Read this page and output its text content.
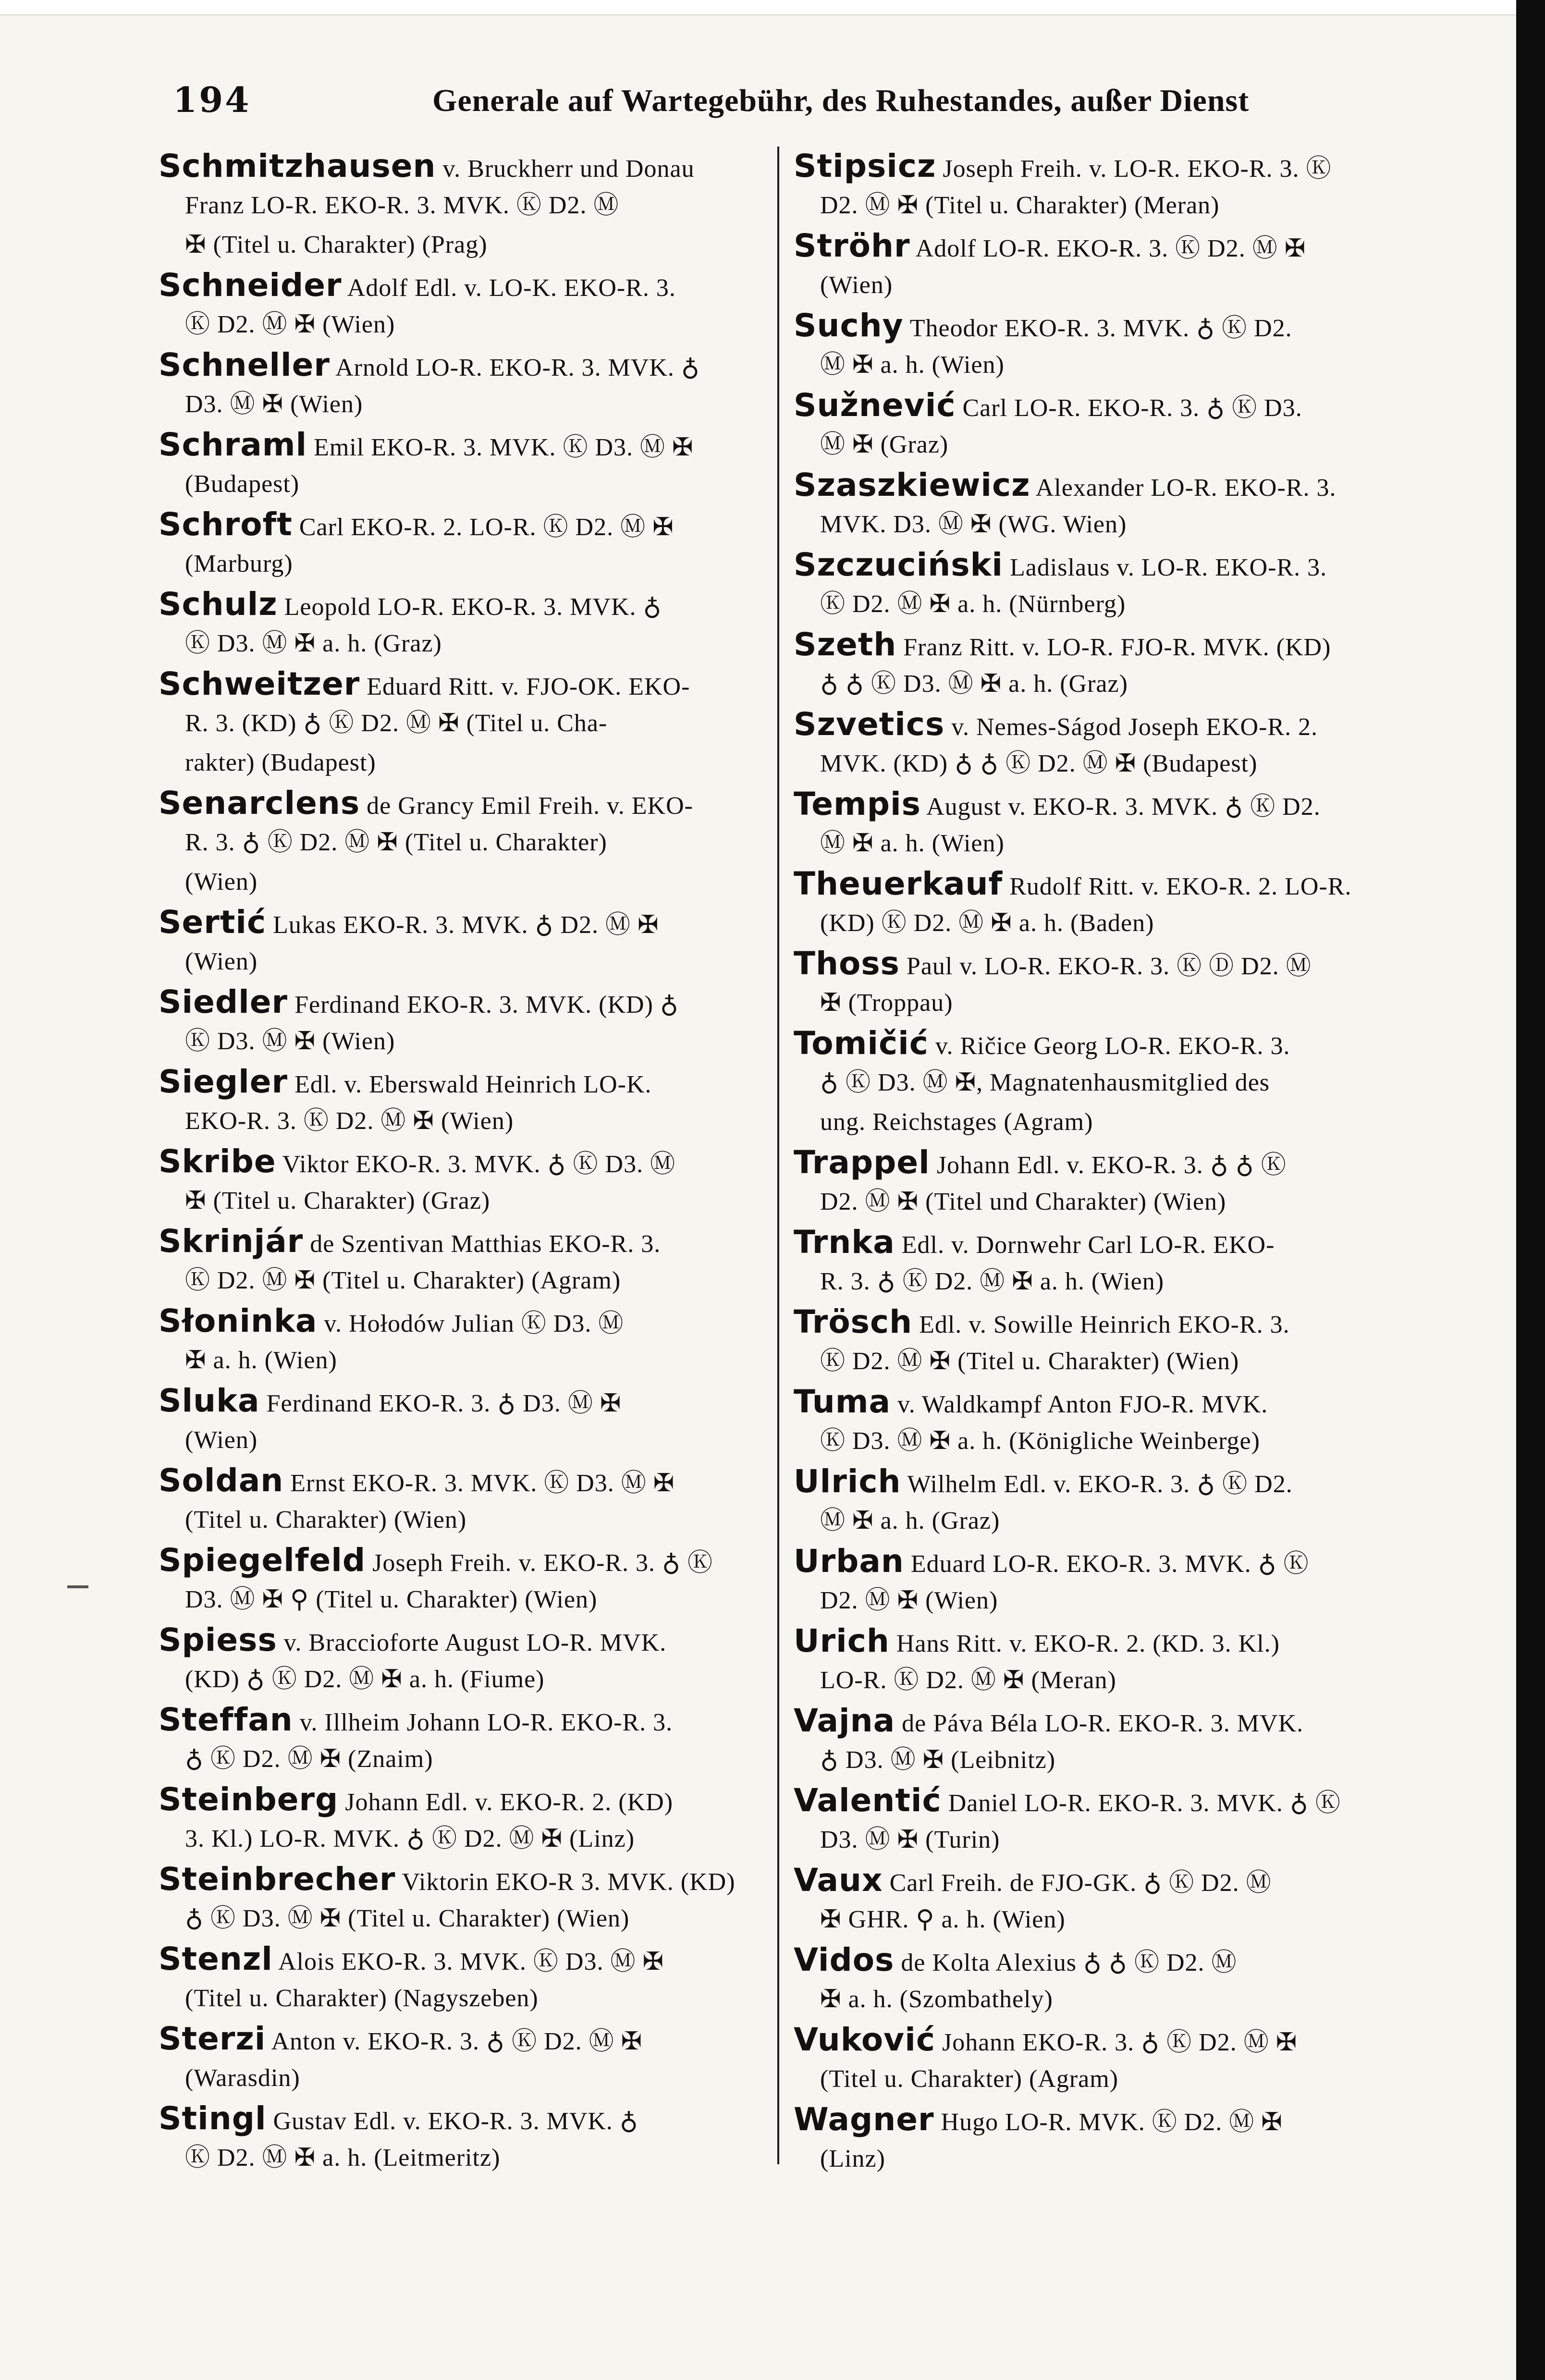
194	Generale auf Wartegebühr, des Ruhestandes, außer Dienst
Schmitzhausen v. Bruckherr und Donau
Franz LO-R. EKO-R. 3. MVK. Ⓚ D2. Ⓜ
✠ (Titel u. Charakter) (Prag)
Schneider Adolf Edl. v. LO-K. EKO-R. 3.
Ⓚ D2. Ⓜ ✠ (Wien)
Schneller Arnold LO-R. EKO-R. 3. MVK. ♁
D3. Ⓜ ✠ (Wien)
Schraml Emil EKO-R. 3. MVK. Ⓚ D3. Ⓜ ✠
(Budapest)
Schroft Carl EKO-R. 2. LO-R. Ⓚ D2. Ⓜ ✠
(Marburg)
Schulz Leopold LO-R. EKO-R. 3. MVK. ♁
Ⓚ D3. Ⓜ ✠ a. h. (Graz)
Schweitzer Eduard Ritt. v. FJO-OK. EKO-
R. 3. (KD) ♁ Ⓚ D2. Ⓜ ✠ (Titel u. Cha-
rakter) (Budapest)
Senarclens de Grancy Emil Freih. v. EKO-
R. 3. ♁ Ⓚ D2. Ⓜ ✠ (Titel u. Charakter)
(Wien)
Sertić Lukas EKO-R. 3. MVK. ♁ D2. Ⓜ ✠
(Wien)
Siedler Ferdinand EKO-R. 3. MVK. (KD) ♁
Ⓚ D3. Ⓜ ✠ (Wien)
Siegler Edl. v. Eberswald Heinrich LO-K.
EKO-R. 3. Ⓚ D2. Ⓜ ✠ (Wien)
Skribe Viktor EKO-R. 3. MVK. ♁ Ⓚ D3. Ⓜ
✠ (Titel u. Charakter) (Graz)
Skrinjár de Szentivan Matthias EKO-R. 3.
Ⓚ D2. Ⓜ ✠ (Titel u. Charakter) (Agram)
Słoninka v. Hołodów Julian Ⓚ D3. Ⓜ
✠ a. h. (Wien)
Sluka Ferdinand EKO-R. 3. ♁ D3. Ⓜ ✠
(Wien)
Soldan Ernst EKO-R. 3. MVK. Ⓚ D3. Ⓜ ✠
(Titel u. Charakter) (Wien)
Spiegelfeld Joseph Freih. v. EKO-R. 3. ♁ Ⓚ
D3. Ⓜ ✠ ⚲ (Titel u. Charakter) (Wien)
Spiess v. Braccioforte August LO-R. MVK.
(KD) ♁ Ⓚ D2. Ⓜ ✠ a. h. (Fiume)
Steffan v. Illheim Johann LO-R. EKO-R. 3.
♁ Ⓚ D2. Ⓜ ✠ (Znaim)
Steinberg Johann Edl. v. EKO-R. 2. (KD)
3. Kl.) LO-R. MVK. ♁ Ⓚ D2. Ⓜ ✠ (Linz)
Steinbrecher Viktorin EKO-R 3. MVK. (KD)
♁ Ⓚ D3. Ⓜ ✠ (Titel u. Charakter) (Wien)
Stenzl Alois EKO-R. 3. MVK. Ⓚ D3. Ⓜ ✠
(Titel u. Charakter) (Nagyszeben)
Sterzi Anton v. EKO-R. 3. ♁ Ⓚ D2. Ⓜ ✠
(Warasdin)
Stingl Gustav Edl. v. EKO-R. 3. MVK. ♁
Ⓚ D2. Ⓜ ✠ a. h. (Leitmeritz)
Stipsicz Joseph Freih. v. LO-R. EKO-R. 3. Ⓚ
D2. Ⓜ ✠ (Titel u. Charakter) (Meran)
Ströhr Adolf LO-R. EKO-R. 3. Ⓚ D2. Ⓜ ✠
(Wien)
Suchy Theodor EKO-R. 3. MVK. ♁ Ⓚ D2.
Ⓜ ✠ a. h. (Wien)
Sužnević Carl LO-R. EKO-R. 3. ♁ Ⓚ D3.
Ⓜ ✠ (Graz)
Szaszkiewicz Alexander LO-R. EKO-R. 3.
MVK. D3. Ⓜ ✠ (WG. Wien)
Szczuciński Ladislaus v. LO-R. EKO-R. 3.
Ⓚ D2. Ⓜ ✠ a. h. (Nürnberg)
Szeth Franz Ritt. v. LO-R. FJO-R. MVK. (KD)
♁ ♁ Ⓚ D3. Ⓜ ✠ a. h. (Graz)
Szvetics v. Nemes-Ságod Joseph EKO-R. 2.
MVK. (KD) ♁ ♁ Ⓚ D2. Ⓜ ✠ (Budapest)
Tempis August v. EKO-R. 3. MVK. ♁ Ⓚ D2.
Ⓜ ✠ a. h. (Wien)
Theuerkauf Rudolf Ritt. v. EKO-R. 2. LO-R.
(KD) Ⓚ D2. Ⓜ ✠ a. h. (Baden)
Thoss Paul v. LO-R. EKO-R. 3. Ⓚ Ⓓ D2. Ⓜ
✠ (Troppau)
Tomičić v. Ričice Georg LO-R. EKO-R. 3.
♁ Ⓚ D3. Ⓜ ✠, Magnatenhausmitglied des
ung. Reichstages (Agram)
Trappel Johann Edl. v. EKO-R. 3. ♁ ♁ Ⓚ
D2. Ⓜ ✠ (Titel und Charakter) (Wien)
Trnka Edl. v. Dornwehr Carl LO-R. EKO-
R. 3. ♁ Ⓚ D2. Ⓜ ✠ a. h. (Wien)
Trösch Edl. v. Sowille Heinrich EKO-R. 3.
Ⓚ D2. Ⓜ ✠ (Titel u. Charakter) (Wien)
Tuma v. Waldkampf Anton FJO-R. MVK.
Ⓚ D3. Ⓜ ✠ a. h. (Königliche Weinberge)
Ulrich Wilhelm Edl. v. EKO-R. 3. ♁ Ⓚ D2.
Ⓜ ✠ a. h. (Graz)
Urban Eduard LO-R. EKO-R. 3. MVK. ♁ Ⓚ
D2. Ⓜ ✠ (Wien)
Urich Hans Ritt. v. EKO-R. 2. (KD. 3. Kl.)
LO-R. Ⓚ D2. Ⓜ ✠ (Meran)
Vajna de Páva Béla LO-R. EKO-R. 3. MVK.
♁ D3. Ⓜ ✠ (Leibnitz)
Valentić Daniel LO-R. EKO-R. 3. MVK. ♁ Ⓚ
D3. Ⓜ ✠ (Turin)
Vaux Carl Freih. de FJO-GK. ♁ Ⓚ D2. Ⓜ
✠ GHR. ⚲ a. h. (Wien)
Vidos de Kolta Alexius ♁ ♁ Ⓚ D2. Ⓜ
✠ a. h. (Szombathely)
Vuković Johann EKO-R. 3. ♁ Ⓚ D2. Ⓜ ✠
(Titel u. Charakter) (Agram)
Wagner Hugo LO-R. MVK. Ⓚ D2. Ⓜ ✠
(Linz)
